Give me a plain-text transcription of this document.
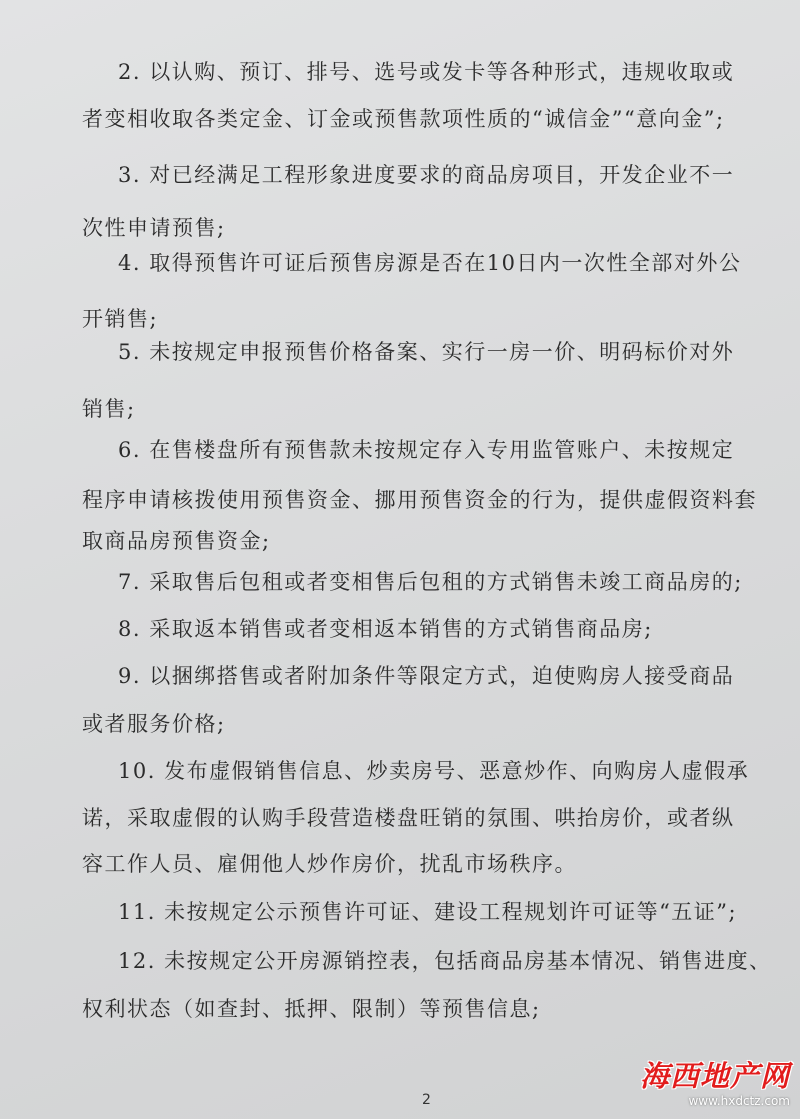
2. 以认购、预订、排号、选号或发卡等各种形式，违规收取或
者变相收取各类定金、订金或预售款项性质的“诚信金”“意向金”;
3. 对已经满足工程形象进度要求的商品房项目，开发企业不一
次性申请预售;
4. 取得预售许可证后预售房源是否在10日内一次性全部对外公
开销售;
5. 未按规定申报预售价格备案、实行一房一价、明码标价对外
销售;
6. 在售楼盘所有预售款未按规定存入专用监管账户、未按规定
程序申请核拨使用预售资金、挪用预售资金的行为，提供虚假资料套
取商品房预售资金;
7. 采取售后包租或者变相售后包租的方式销售未竣工商品房的;
8. 采取返本销售或者变相返本销售的方式销售商品房;
9. 以捆绑搭售或者附加条件等限定方式，迫使购房人接受商品
或者服务价格;
10. 发布虚假销售信息、炒卖房号、恶意炒作、向购房人虚假承
诺，采取虚假的认购手段营造楼盘旺销的氛围、哄抬房价，或者纵
容工作人员、雇佣他人炒作房价，扰乱市场秩序。
11. 未按规定公示预售许可证、建设工程规划许可证等“五证”;
12. 未按规定公开房源销控表，包括商品房基本情况、销售进度、
权利状态（如查封、抵押、限制）等预售信息;
2
海西地产网
www.hxdctz.com
